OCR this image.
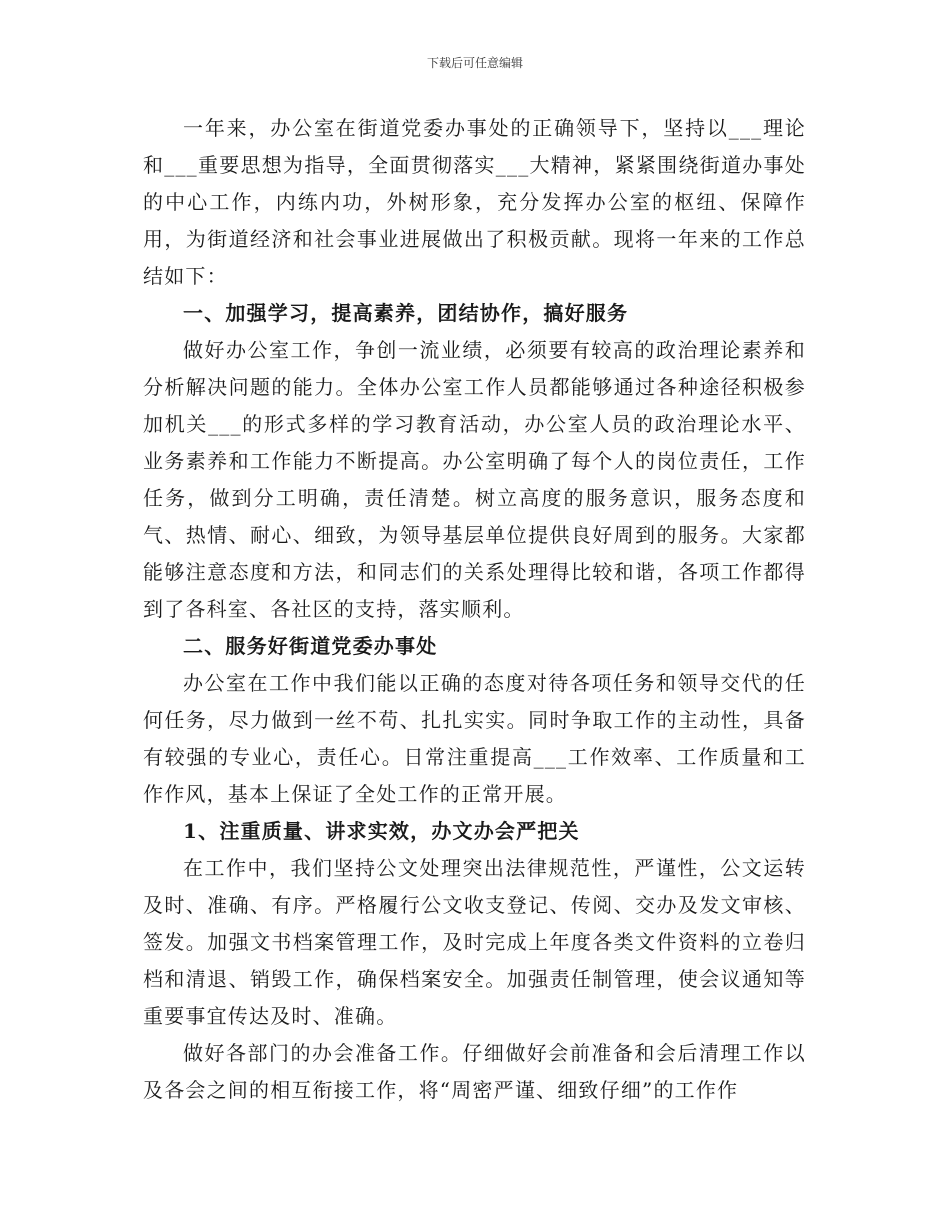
下载后可任意编辑

一年来，办公室在街道党委办事处的正确领导下，坚持以___理论和___重要思想为指导，全面贯彻落实___大精神，紧紧围绕街道办事处的中心工作，内练内功，外树形象，充分发挥办公室的枢纽、保障作用，为街道经济和社会事业进展做出了积极贡献。现将一年来的工作总结如下：

一、加强学习，提高素养，团结协作，搞好服务

做好办公室工作，争创一流业绩，必须要有较高的政治理论素养和分析解决问题的能力。全体办公室工作人员都能够通过各种途径积极参加机关___的形式多样的学习教育活动，办公室人员的政治理论水平、业务素养和工作能力不断提高。办公室明确了每个人的岗位责任，工作任务，做到分工明确，责任清楚。树立高度的服务意识，服务态度和气、热情、耐心、细致，为领导基层单位提供良好周到的服务。大家都能够注意态度和方法，和同志们的关系处理得比较和谐，各项工作都得到了各科室、各社区的支持，落实顺利。

二、服务好街道党委办事处

办公室在工作中我们能以正确的态度对待各项任务和领导交代的任何任务，尽力做到一丝不苟、扎扎实实。同时争取工作的主动性，具备有较强的专业心，责任心。日常注重提高___工作效率、工作质量和工作作风，基本上保证了全处工作的正常开展。

1、注重质量、讲求实效，办文办会严把关

在工作中，我们坚持公文处理突出法律规范性，严谨性，公文运转及时、准确、有序。严格履行公文收支登记、传阅、交办及发文审核、签发。加强文书档案管理工作，及时完成上年度各类文件资料的立卷归档和清退、销毁工作，确保档案安全。加强责任制管理，使会议通知等重要事宜传达及时、准确。

做好各部门的办会准备工作。仔细做好会前准备和会后清理工作以及各会之间的相互衔接工作，将“周密严谨、细致仔细”的工作作
